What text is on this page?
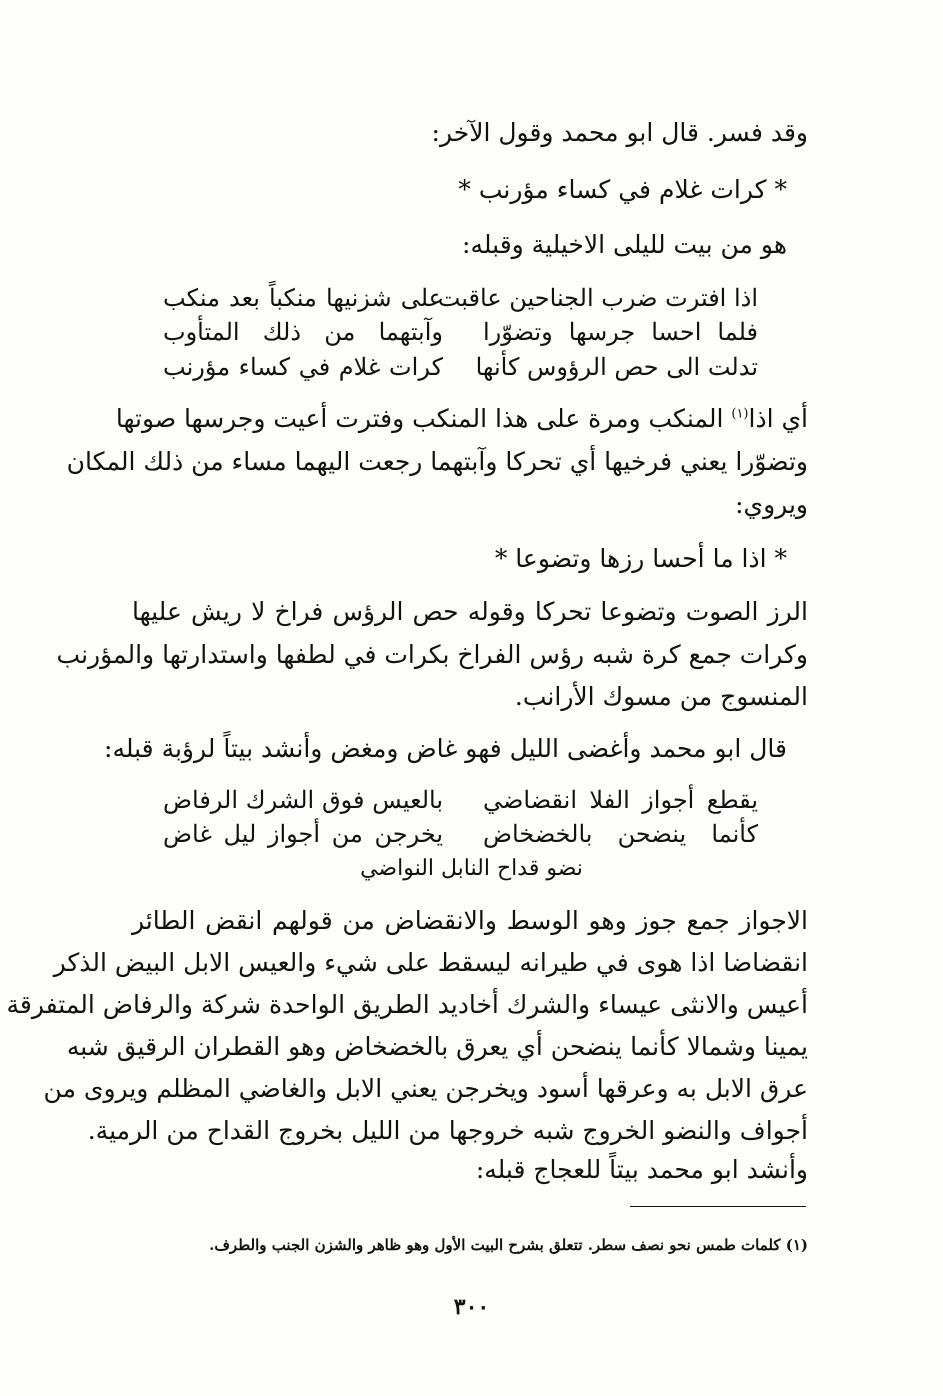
وقد فسر. قال ابو محمد وقول الآخر:
* كرات غلام في كساء مؤرنب *
هو من بيت لليلى الاخيلية وقبله:
اذا افترت ضرب الجناحين عاقبت
على شزنيها منكباً بعد منكب
فلما احسا جرسها وتضوّرا
وآبتهما من ذلك المتأوب
تدلت الى حص الرؤوس كأنها
كرات غلام في كساء مؤرنب
أي اذا$^{(١)}$ المنكب ومرة على هذا المنكب وفترت أعيت وجرسها صوتها
وتضوّرا يعني فرخيها أي تحركا وآبتهما رجعت اليهما مساء من ذلك المكان
ويروي:
* اذا ما أحسا رزها وتضوعا *
الرز الصوت وتضوعا تحركا وقوله حص الرؤس فراخ لا ريش عليها
وكرات جمع كرة شبه رؤس الفراخ بكرات في لطفها واستدارتها والمؤرنب
المنسوج من مسوك الأرانب.
قال ابو محمد وأغضى الليل فهو غاض ومغض وأنشد بيتاً لرؤبة قبله:
يقطع أجواز الفلا انقضاضي
بالعيس فوق الشرك الرفاض
كأنما ينضحن بالخضخاض
يخرجن من أجواز ليل غاض
نضو قداح النابل النواضي
الاجواز جمع جوز وهو الوسط والانقضاض من قولهم انقض الطائر
انقضاضا اذا هوى في طيرانه ليسقط على شيء والعيس الابل البيض الذكر
أعيس والانثى عيساء والشرك أخاديد الطريق الواحدة شركة والرفاض المتفرقة
يمينا وشمالا كأنما ينضحن أي يعرق بالخضخاض وهو القطران الرقيق شبه
عرق الابل به وعرقها أسود ويخرجن يعني الابل والغاضي المظلم ويروى من
أجواف والنضو الخروج شبه خروجها من الليل بخروج القداح من الرمية.
وأنشد ابو محمد بيتاً للعجاج قبله:
(١) كلمات طمس نحو نصف سطر. تتعلق بشرح البيت الأول وهو ظاهر والشزن الجنب والطرف.
٣٠٠
